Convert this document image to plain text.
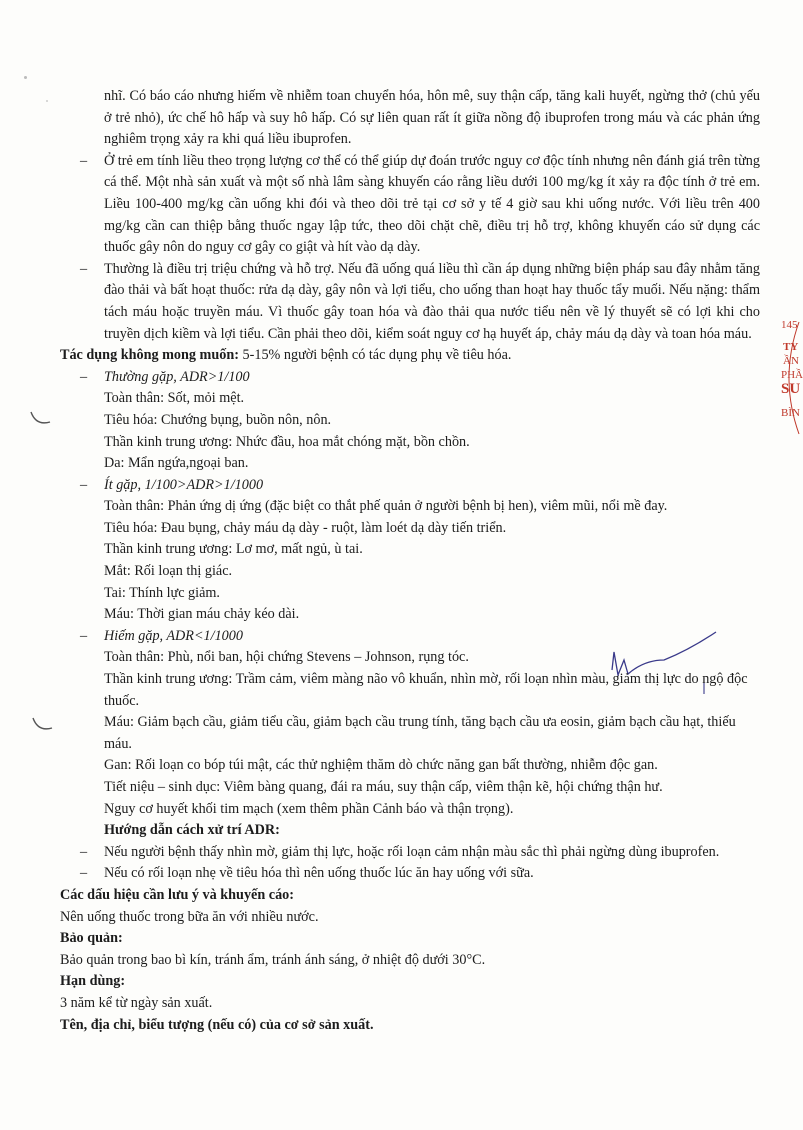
145
TY
ẦN
PHẦ
SU
BÌN

nhĩ. Có báo cáo nhưng hiếm về nhiễm toan chuyển hóa, hôn mê, suy thận cấp, tăng kali huyết, ngừng thở (chủ yếu ở trẻ nhỏ), ức chế hô hấp và suy hô hấp. Có sự liên quan rất ít giữa nồng độ ibuprofen trong máu và các phản ứng nghiêm trọng xảy ra khi quá liều ibuprofen.

– Ở trẻ em tính liều theo trọng lượng cơ thể có thể giúp dự đoán trước nguy cơ độc tính nhưng nên đánh giá trên từng cá thể. Một nhà sản xuất và một số nhà lâm sàng khuyến cáo rằng liều dưới 100 mg/kg ít xảy ra độc tính ở trẻ em. Liều 100-400 mg/kg cần uống khi đói và theo dõi trẻ tại cơ sở y tế 4 giờ sau khi uống nước. Với liều trên 400 mg/kg cần can thiệp bằng thuốc ngay lập tức, theo dõi chặt chẽ, điều trị hỗ trợ, không khuyến cáo sử dụng các thuốc gây nôn do nguy cơ gây co giật và hít vào dạ dày.

– Thường là điều trị triệu chứng và hỗ trợ. Nếu đã uống quá liều thì cần áp dụng những biện pháp sau đây nhằm tăng đào thải và bất hoạt thuốc: rửa dạ dày, gây nôn và lợi tiểu, cho uống than hoạt hay thuốc tẩy muối. Nếu nặng: thẩm tách máu hoặc truyền máu. Vì thuốc gây toan hóa và đào thải qua nước tiểu nên về lý thuyết sẽ có lợi khi cho truyền dịch kiềm và lợi tiểu. Cần phải theo dõi, kiểm soát nguy cơ hạ huyết áp, chảy máu dạ dày và toan hóa máu.

Tác dụng không mong muốn: 5-15% người bệnh có tác dụng phụ về tiêu hóa.

– Thường gặp, ADR>1/100

Toàn thân: Sốt, mỏi mệt.

Tiêu hóa: Chướng bụng, buồn nôn, nôn.

Thần kinh trung ương: Nhức đầu, hoa mắt chóng mặt, bồn chồn.

Da: Mẩn ngứa,ngoại ban.

– Ít gặp, 1/100>ADR>1/1000

Toàn thân: Phản ứng dị ứng (đặc biệt co thắt phế quản ở người bệnh bị hen), viêm mũi, nổi mề đay.

Tiêu hóa: Đau bụng, chảy máu dạ dày - ruột, làm loét dạ dày tiến triển.

Thần kinh trung ương: Lơ mơ, mất ngủ, ù tai.

Mắt: Rối loạn thị giác.

Tai: Thính lực giảm.

Máu: Thời gian máu chảy kéo dài.

– Hiếm gặp, ADR<1/1000

Toàn thân: Phù, nổi ban, hội chứng Stevens – Johnson, rụng tóc.

Thần kinh trung ương: Trầm cảm, viêm màng não vô khuẩn, nhìn mờ, rối loạn nhìn màu, giảm thị lực do ngộ độc thuốc.

Máu: Giảm bạch cầu, giảm tiểu cầu, giảm bạch cầu trung tính, tăng bạch cầu ưa eosin, giảm bạch cầu hạt, thiếu máu.

Gan: Rối loạn co bóp túi mật, các thử nghiệm thăm dò chức năng gan bất thường, nhiễm độc gan.

Tiết niệu – sinh dục: Viêm bàng quang, đái ra máu, suy thận cấp, viêm thận kẽ, hội chứng thận hư.

Nguy cơ huyết khối tim mạch (xem thêm phần Cảnh báo và thận trọng).

Hướng dẫn cách xử trí ADR:

– Nếu người bệnh thấy nhìn mờ, giảm thị lực, hoặc rối loạn cảm nhận màu sắc thì phải ngừng dùng ibuprofen.

– Nếu có rối loạn nhẹ về tiêu hóa thì nên uống thuốc lúc ăn hay uống với sữa.

Các dấu hiệu cần lưu ý và khuyến cáo:

Nên uống thuốc trong bữa ăn với nhiều nước.

Bảo quản:

Bảo quản trong bao bì kín, tránh ẩm, tránh ánh sáng, ở nhiệt độ dưới 30°C.

Hạn dùng:

3 năm kể từ ngày sản xuất.

Tên, địa chỉ, biểu tượng (nếu có) của cơ sở sản xuất.
